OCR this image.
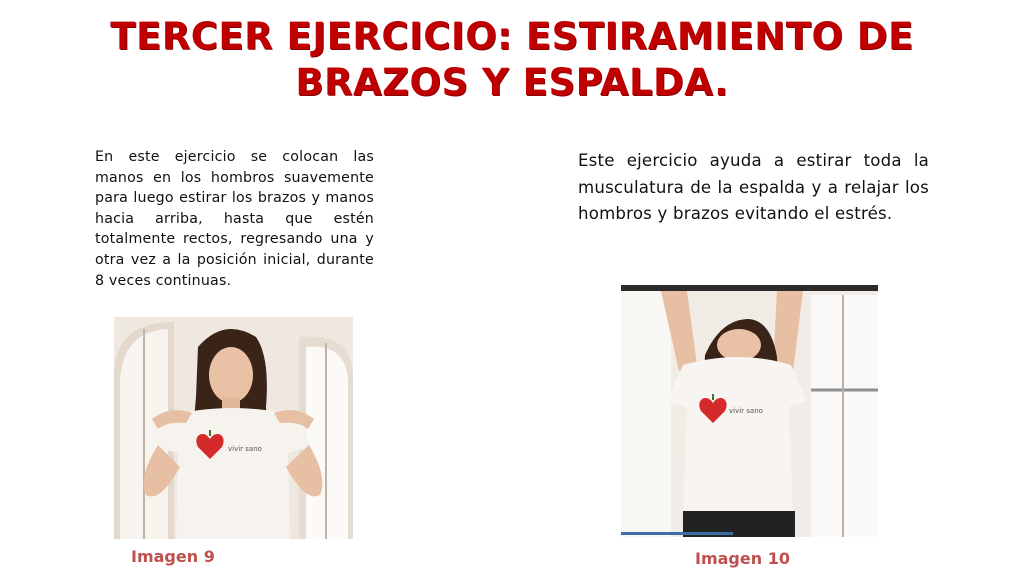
TERCER EJERCICIO: ESTIRAMIENTO DE BRAZOS Y ESPALDA.

En este ejercicio se colocan las manos en los hombros suavemente para luego estirar los brazos y manos hacia arriba, hasta que estén totalmente rectos, regresando una y otra vez a la posición inicial, durante 8 veces continuas.

Este ejercicio ayuda a estirar toda la musculatura de la espalda y a relajar los hombros y brazos evitando el estrés.

vivir sano

Imagen 9

vivir sano

Imagen 10
